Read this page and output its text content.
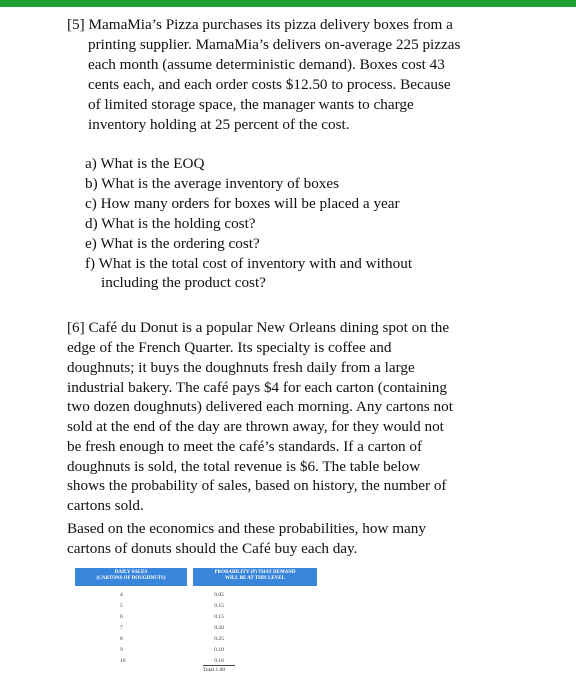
[5] MamaMia’s Pizza purchases its pizza delivery boxes from a
printing supplier. MamaMia’s delivers on-average 225 pizzas
each month (assume deterministic demand). Boxes cost 43
cents each, and each order costs $12.50 to process. Because
of limited storage space, the manager wants to charge
inventory holding at 25 percent of the cost.
a) What is the EOQ
b) What is the average inventory of boxes
c) How many orders for boxes will be placed a year
d) What is the holding cost?
e) What is the ordering cost?
f) What is the total cost of inventory with and without
including the product cost?
[6] Café du Donut is a popular New Orleans dining spot on the
edge of the French Quarter. Its specialty is coffee and
doughnuts; it buys the doughnuts fresh daily from a large
industrial bakery. The café pays $4 for each carton (containing
two dozen doughnuts) delivered each morning. Any cartons not
sold at the end of the day are thrown away, for they would not
be fresh enough to meet the café’s standards. If a carton of
doughnuts is sold, the total revenue is $6. The table below
shows the probability of sales, based on history, the number of
cartons sold.
Based on the economics and these probabilities, how many
cartons of donuts should the Café buy each day.
DAILY SALES
(CARTONS OF DOUGHNUTS)
PROBABILITY (P) THAT DEMAND
WILL BE AT THIS LEVEL
4	0.05
5	0.15
6	0.15
7	0.20
8	0.25
9	0.10
10	0.10
Total 1.00
